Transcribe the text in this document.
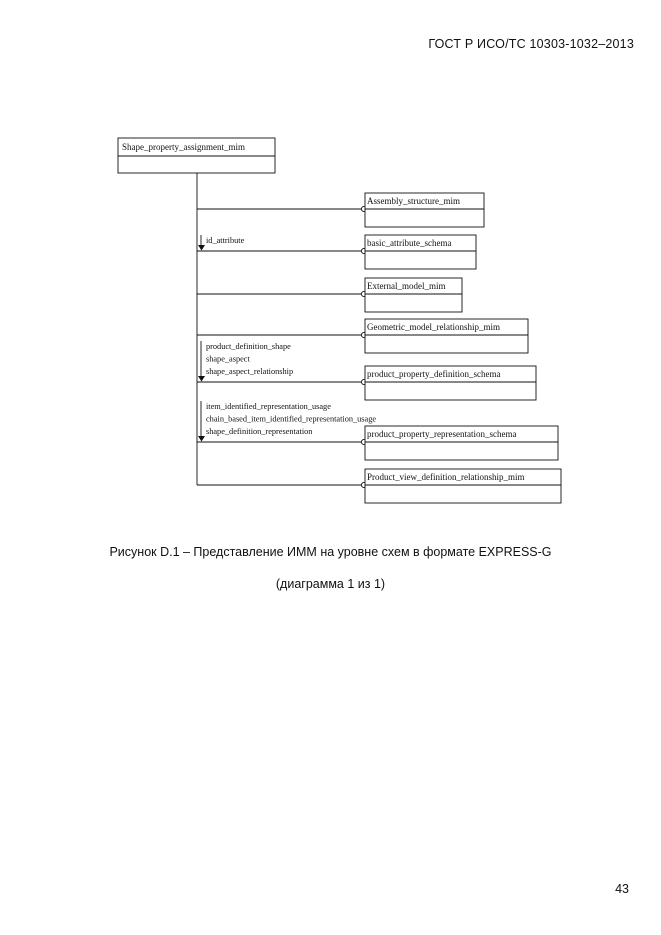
ГОСТ Р ИСО/ТС 10303-1032–2013
Shape_property_assignment_mim
Assembly_structure_mim
basic_attribute_schema
id_attribute
External_model_mim
Geometric_model_relationship_mim
product_property_definition_schema
product_definition_shape
shape_aspect
shape_aspect_relationship
product_property_representation_schema
item_identified_representation_usage
chain_based_item_identified_representation_usage
shape_definition_representation
Product_view_definition_relationship_mim
Рисунок D.1 – Представление ИММ на уровне схем в формате EXPRESS-G
(диаграмма 1 из 1)
43
